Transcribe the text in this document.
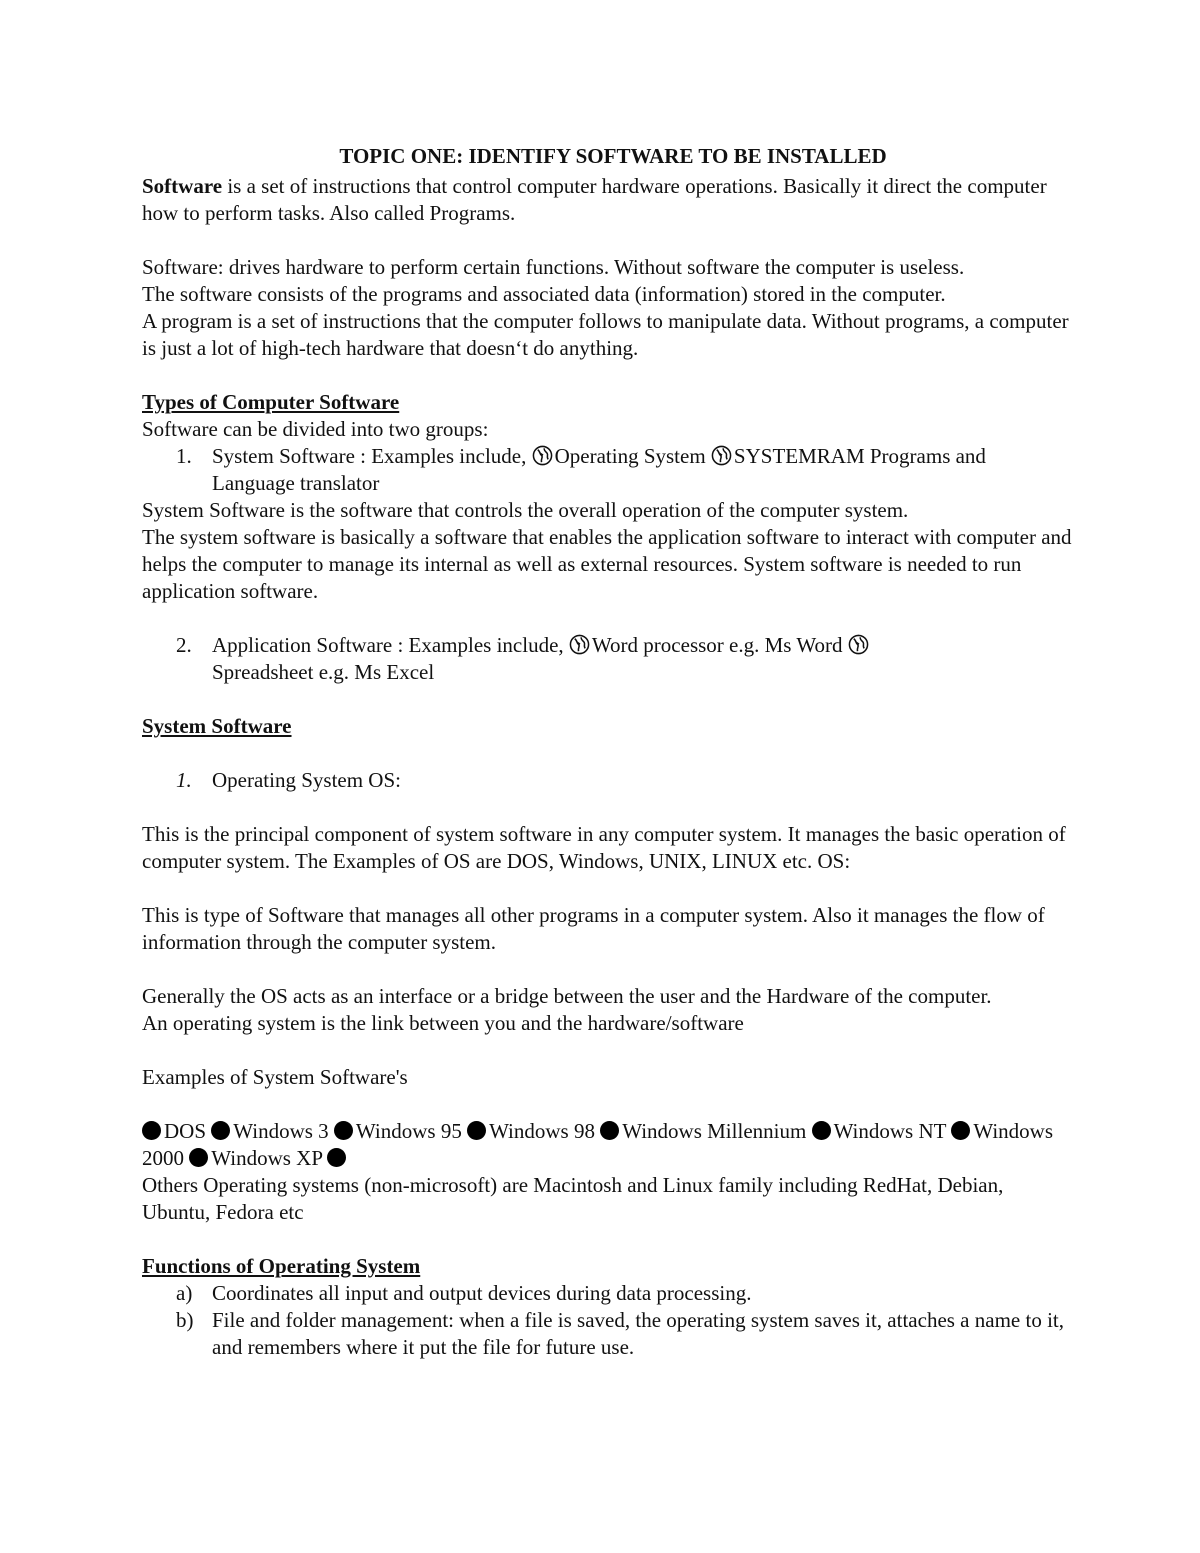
TOPIC ONE: IDENTIFY SOFTWARE TO BE INSTALLED

Software is a set of instructions that control computer hardware operations. Basically it direct the computer how to perform tasks. Also called Programs.

Software: drives hardware to perform certain functions. Without software the computer is useless.

The software consists of the programs and associated data (information) stored in the computer.

A program is a set of instructions that the computer follows to manipulate data. Without programs, a computer is just a lot of high-tech hardware that doesn‘t do anything.

Types of Computer Software

Software can be divided into two groups:

1. System Software : Examples include, Operating System SYSTEMRAM Programs and Language translator

System Software is the software that controls the overall operation of the computer system.

The system software is basically a software that enables the application software to interact with computer and helps the computer to manage its internal as well as external resources. System software is needed to run application software.

2. Application Software : Examples include, Word processor e.g. Ms Word
Spreadsheet e.g. Ms Excel

System Software

1. Operating System OS:

This is the principal component of system software in any computer system. It manages the basic operation of computer system. The Examples of OS are DOS, Windows, UNIX, LINUX etc. OS:

This is type of Software that manages all other programs in a computer system. Also it manages the flow of information through the computer system.

Generally the OS acts as an interface or a bridge between the user and the Hardware of the computer.

An operating system is the link between you and the hardware/software

Examples of System Software's

DOS Windows 3 Windows 95 Windows 98 Windows Millennium Windows NT Windows 2000 Windows XP

Others Operating systems (non-microsoft) are Macintosh and Linux family including RedHat, Debian, Ubuntu, Fedora etc

Functions of Operating System

a) Coordinates all input and output devices during data processing.
b) File and folder management: when a file is saved, the operating system saves it, attaches a name to it, and remembers where it put the file for future use.
